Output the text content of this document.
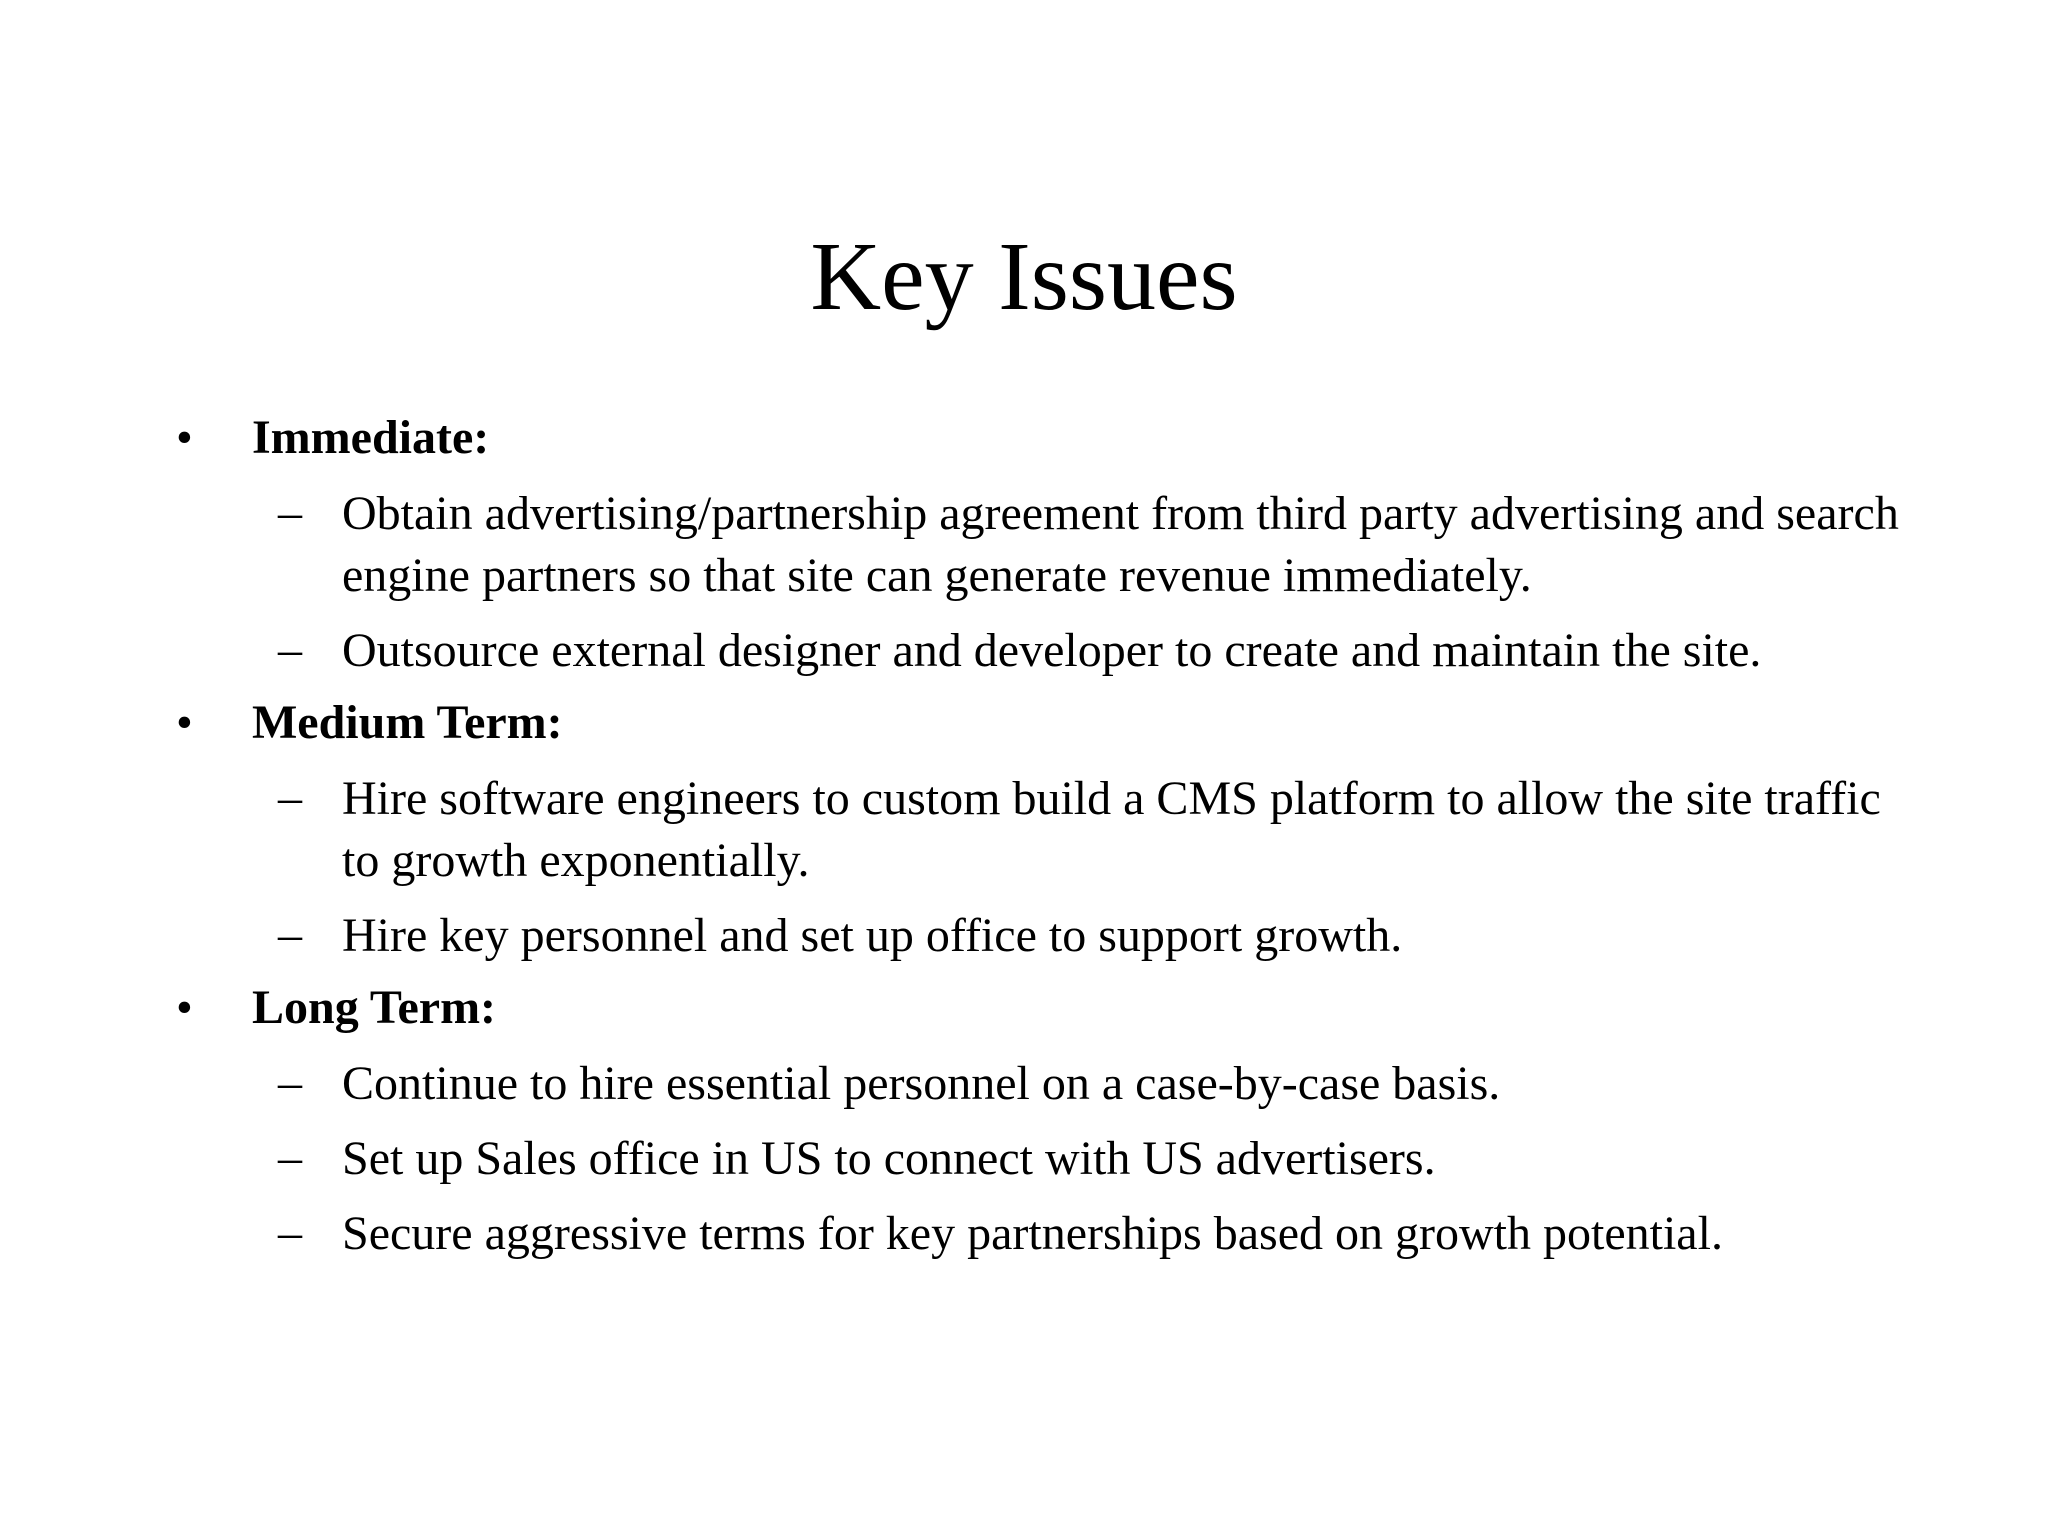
Key Issues
• Immediate:
– Obtain advertising/partnership agreement from third party advertising and search engine partners so that site can generate revenue immediately.
– Outsource external designer and developer to create and maintain the site.
• Medium Term:
– Hire software engineers to custom build a CMS platform to allow the site traffic to growth exponentially.
– Hire key personnel and set up office to support growth.
• Long Term:
– Continue to hire essential personnel on a case-by-case basis.
– Set up Sales office in US to connect with US advertisers.
– Secure aggressive terms for key partnerships based on growth potential.
